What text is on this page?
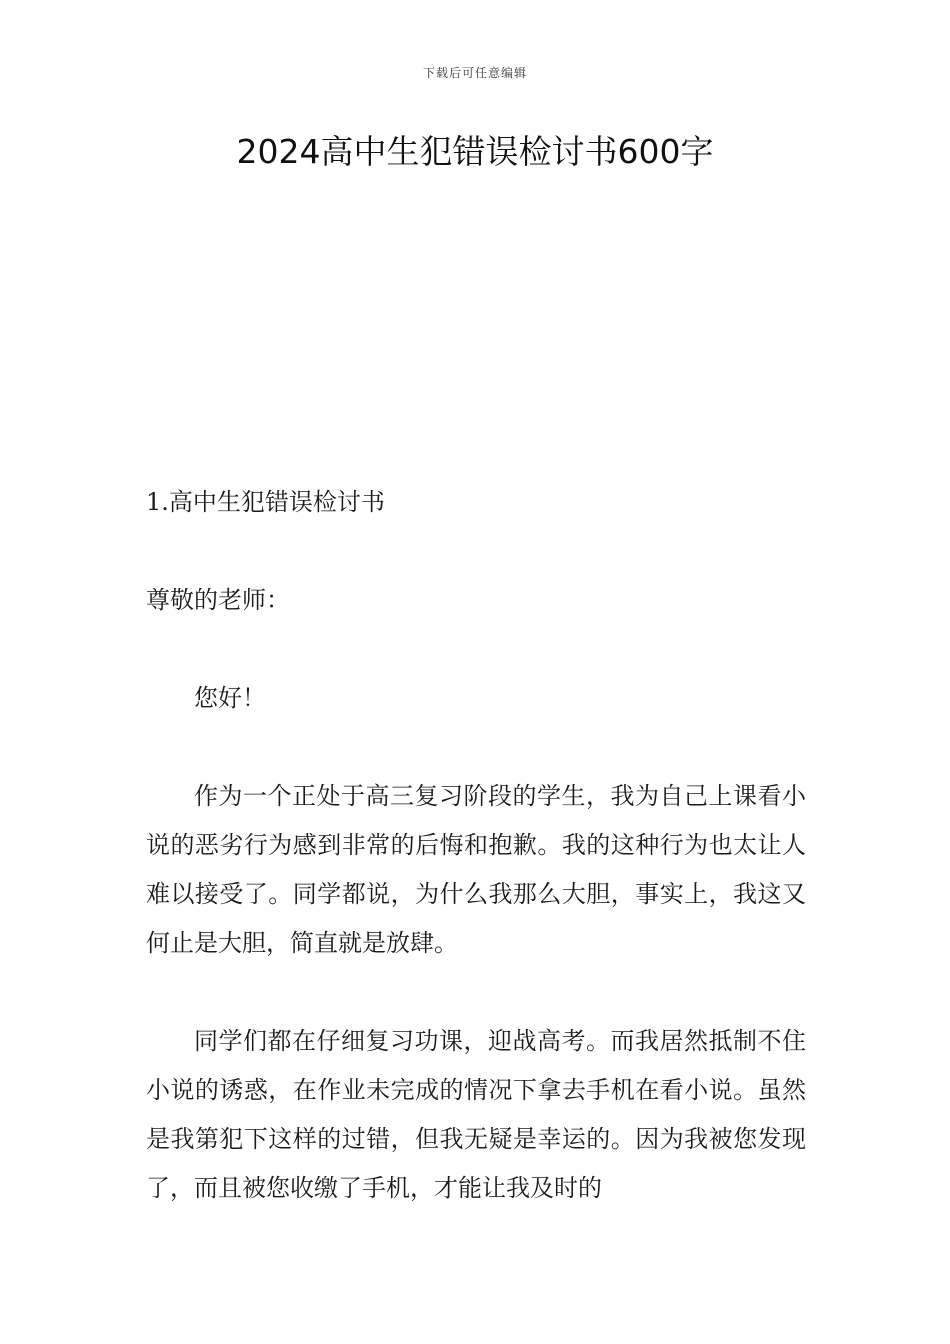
下载后可任意编辑
2024高中生犯错误检讨书600字

1.高中生犯错误检讨书

尊敬的老师：

您好！

作为一个正处于高三复习阶段的学生，我为自己上课看小说的恶劣行为感到非常的后悔和抱歉。我的这种行为也太让人难以接受了。同学都说，为什么我那么大胆，事实上，我这又何止是大胆，简直就是放肆。

同学们都在仔细复习功课，迎战高考。而我居然抵制不住小说的诱惑，在作业未完成的情况下拿去手机在看小说。虽然是我第犯下这样的过错，但我无疑是幸运的。因为我被您发现了，而且被您收缴了手机，才能让我及时的
